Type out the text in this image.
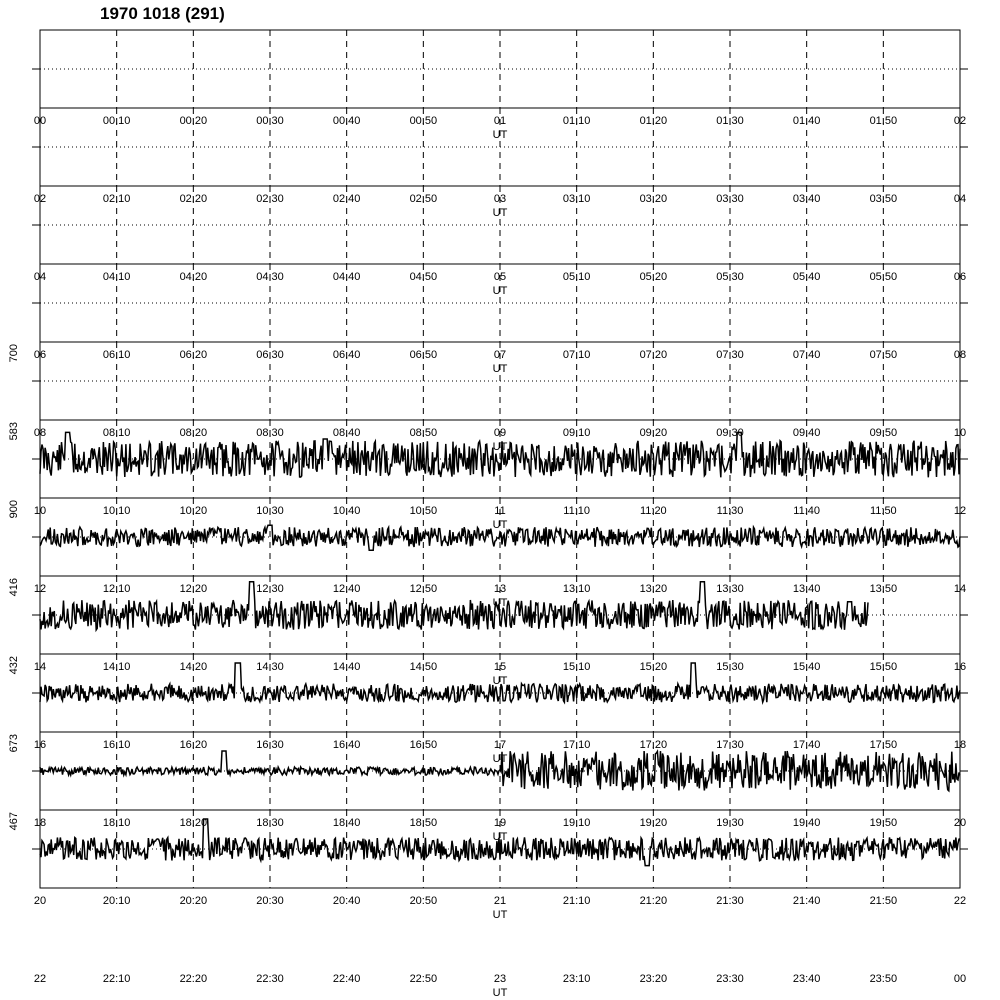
1970 1018 (291)
700
583
900
416
432
673
467
00	00:10	00:20	00:30	00:40	00:50	01	01:10	01:20	01:30	01:40	01:50	02
UT
02	02:10	02:20	02:30	02:40	02:50	03	03:10	03:20	03:30	03:40	03:50	04
UT
04	04:10	04:20	04:30	04:40	04:50	05	05:10	05:20	05:30	05:40	05:50	06
UT
06	06:10	06:20	06:30	06:40	06:50	07	07:10	07:20	07:30	07:40	07:50	08
UT
08	08:10	08:20	08:30	08:40	08:50	09	09:10	09:20	09:30	09:40	09:50	10
UT
10	10:10	10:20	10:30	10:40	10:50	11	11:10	11:20	11:30	11:40	11:50	12
UT
12	12:10	12:20	12:30	12:40	12:50	13	13:10	13:20	13:30	13:40	13:50	14
UT
14	14:10	14:20	14:30	14:40	14:50	15	15:10	15:20	15:30	15:40	15:50	16
UT
16	16:10	16:20	16:30	16:40	16:50	17	17:10	17:20	17:30	17:40	17:50	18
UT
18	18:10	18:20	18:30	18:40	18:50	19	19:10	19:20	19:30	19:40	19:50	20
UT
20	20:10	20:20	20:30	20:40	20:50	21	21:10	21:20	21:30	21:40	21:50	22
UT
22	22:10	22:20	22:30	22:40	22:50	23	23:10	23:20	23:30	23:40	23:50	00
UT
